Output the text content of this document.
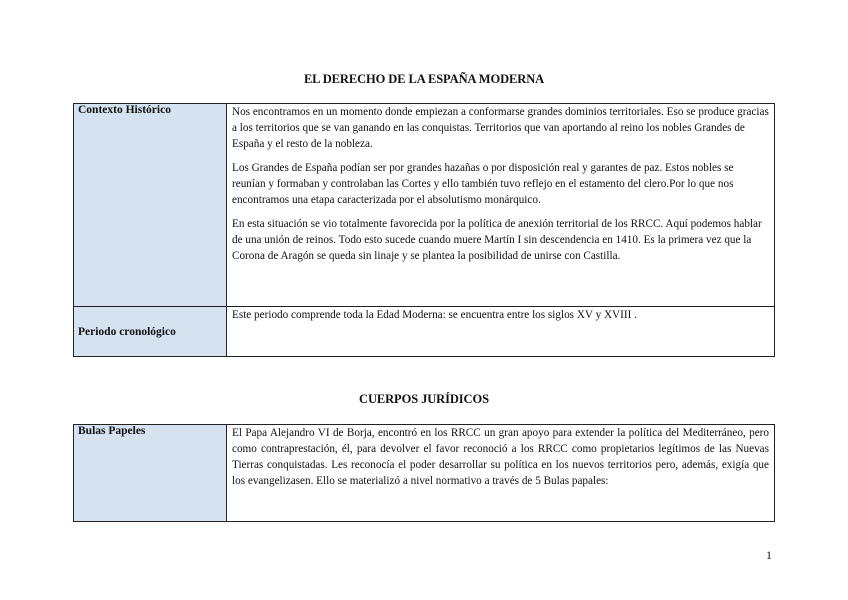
EL DERECHO DE LA ESPAÑA MODERNA
Contexto Histórico	Nos encontramos en un momento donde empiezan a conformarse grandes dominios territoriales. Eso se produce gracias a los territorios que se van ganando en las conquistas. Territorios que van aportando al reino los nobles Grandes de España y el resto de la nobleza.

Los Grandes de España podían ser por grandes hazañas o por disposición real y garantes de paz. Estos nobles se reunían y formaban y controlaban las Cortes y ello también tuvo reflejo en el estamento del clero.Por lo que nos encontramos una etapa caracterizada por el absolutismo monárquico.

En esta situación se vio totalmente favorecida por la política de anexión territorial de los RRCC. Aquí podemos hablar de una unión de reinos. Todo esto sucede cuando muere Martín I sin descendencia en 1410. Es la primera vez que la Corona de Aragón se queda sin linaje y se plantea la posibilidad de unirse con Castilla.

Periodo cronológico	Este periodo comprende toda la Edad Moderna: se encuentra entre los siglos XV y XVIII .
CUERPOS JURÍDICOS
Bulas Papeles	El Papa Alejandro VI de Borja, encontró en los RRCC un gran apoyo para extender la política del Mediterráneo, pero como contraprestación, él, para devolver el favor reconoció a los RRCC como propietarios legítimos de las Nuevas Tierras conquistadas. Les reconocía el poder desarrollar su política en los nuevos territorios pero, además, exigía que los evangelizasen. Ello se materializó a nivel normativo a través de 5 Bulas papales:
1
